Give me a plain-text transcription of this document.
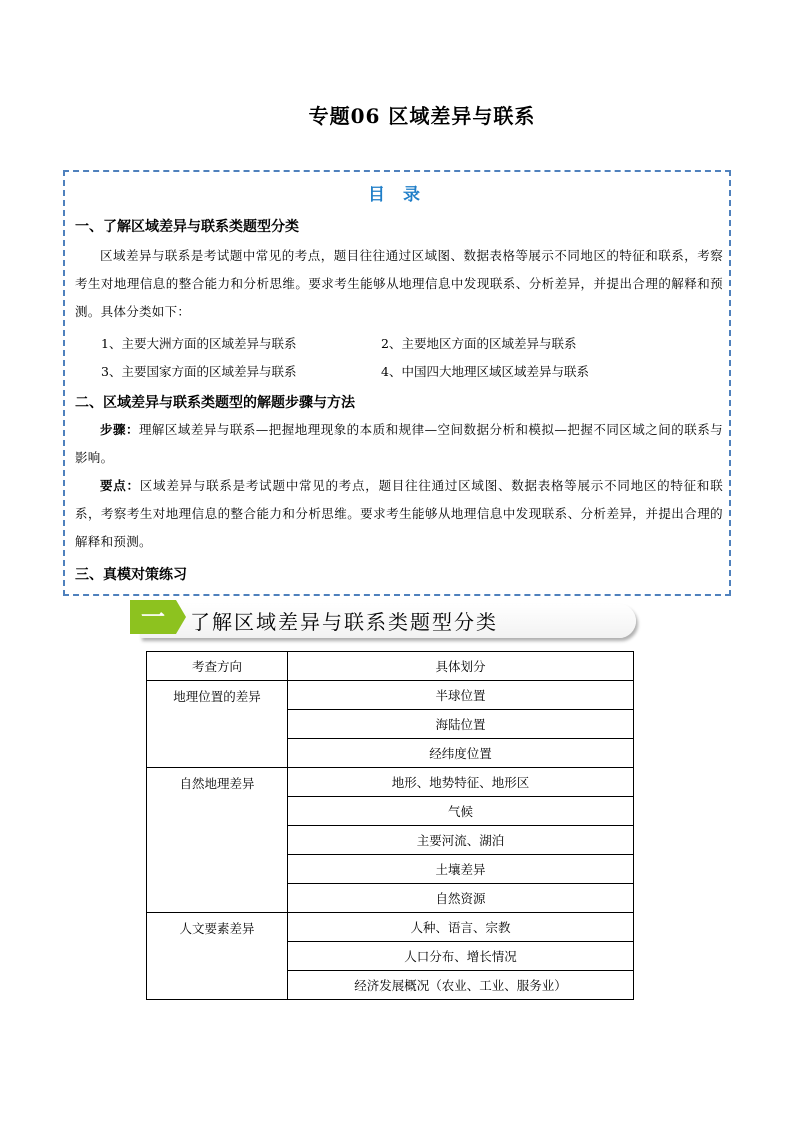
专题06 区域差异与联系
目 录
一、了解区域差异与联系类题型分类
区域差异与联系是考试题中常见的考点，题目往往通过区域图、数据表格等展示不同地区的特征和联系，考察考生对地理信息的整合能力和分析思维。要求考生能够从地理信息中发现联系、分析差异，并提出合理的解释和预测。具体分类如下：
1、主要大洲方面的区域差异与联系	2、主要地区方面的区域差异与联系
3、主要国家方面的区域差异与联系	4、中国四大地理区域区域差异与联系
二、区域差异与联系类题型的解题步骤与方法
步骤：理解区域差异与联系—把握地理现象的本质和规律—空间数据分析和模拟—把握不同区域之间的联系与影响。
要点：区域差异与联系是考试题中常见的考点，题目往往通过区域图、数据表格等展示不同地区的特征和联系，考察考生对地理信息的整合能力和分析思维。要求考生能够从地理信息中发现联系、分析差异，并提出合理的解释和预测。
三、真模对策练习
一	了解区域差异与联系类题型分类
考查方向	具体划分
地理位置的差异	半球位置
	海陆位置
	经纬度位置
自然地理差异	地形、地势特征、地形区
	气候
	主要河流、湖泊
	土壤差异
	自然资源
人文要素差异	人种、语言、宗教
	人口分布、增长情况
	经济发展概况（农业、工业、服务业）
